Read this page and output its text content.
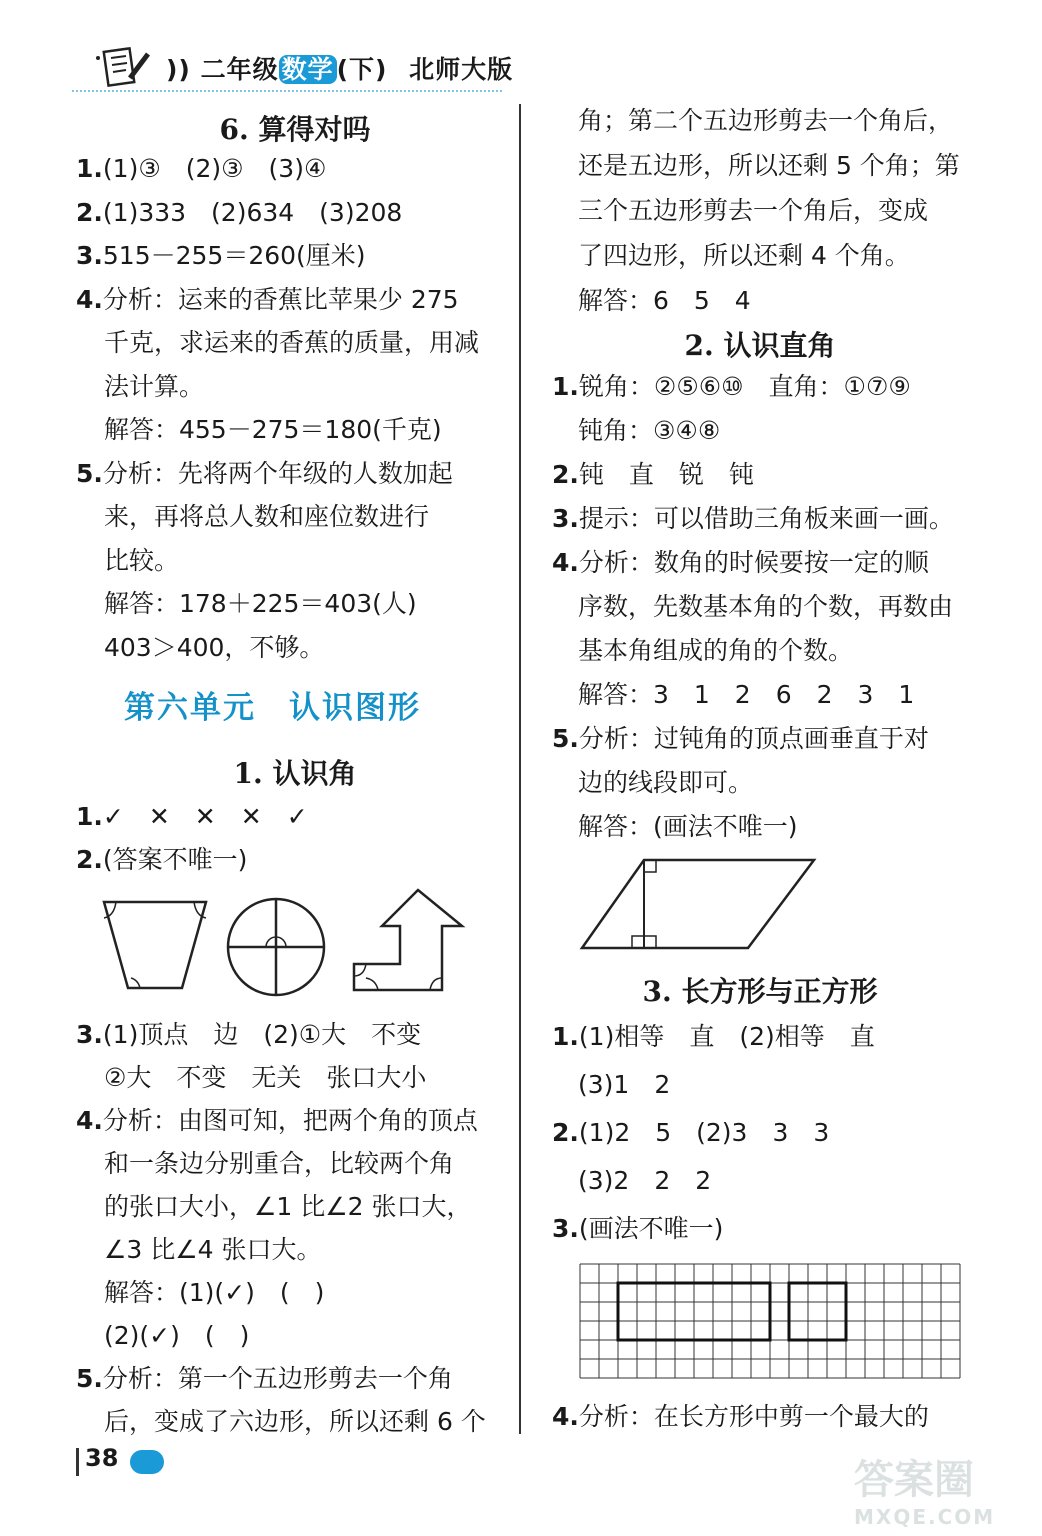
)) 二年级 数学 (下) 北师大版
6. 算得对吗
1.(1)③　(2)③　(3)④
2.(1)333　(2)634　(3)208
3.515－255＝260(厘米)
4.分析：运来的香蕉比苹果少 275
千克，求运来的香蕉的质量，用减
法计算。
解答：455－275＝180(千克)
5.分析：先将两个年级的人数加起
来，再将总人数和座位数进行
比较。
解答：178＋225＝403(人)
403＞400，不够。
第六单元　认识图形
1. 认识角
1.✓　✕　✕　✕　✓
2.(答案不唯一)
3.(1)顶点　边　(2)①大　不变
②大　不变　无关　张口大小
4.分析：由图可知，把两个角的顶点
和一条边分别重合，比较两个角
的张口大小，∠1 比∠2 张口大，
∠3 比∠4 张口大。
解答：(1)(✓)　(　)
(2)(✓)　(　)
5.分析：第一个五边形剪去一个角
后，变成了六边形，所以还剩 6 个
角；第二个五边形剪去一个角后，
还是五边形，所以还剩 5 个角；第
三个五边形剪去一个角后，变成
了四边形，所以还剩 4 个角。
解答：6　5　4
2. 认识直角
1.锐角：②⑤⑥⑩　直角：①⑦⑨
钝角：③④⑧
2.钝　直　锐　钝
3.提示：可以借助三角板来画一画。
4.分析：数角的时候要按一定的顺
序数，先数基本角的个数，再数由
基本角组成的角的个数。
解答：3　1　2　6　2　3　1
5.分析：过钝角的顶点画垂直于对
边的线段即可。
解答：(画法不唯一)
3. 长方形与正方形
1.(1)相等　直　(2)相等　直
(3)1　2
2.(1)2　5　(2)3　3　3
(3)2　2　2
3.(画法不唯一)
4.分析：在长方形中剪一个最大的
38	答案圈
MXQE.COM
